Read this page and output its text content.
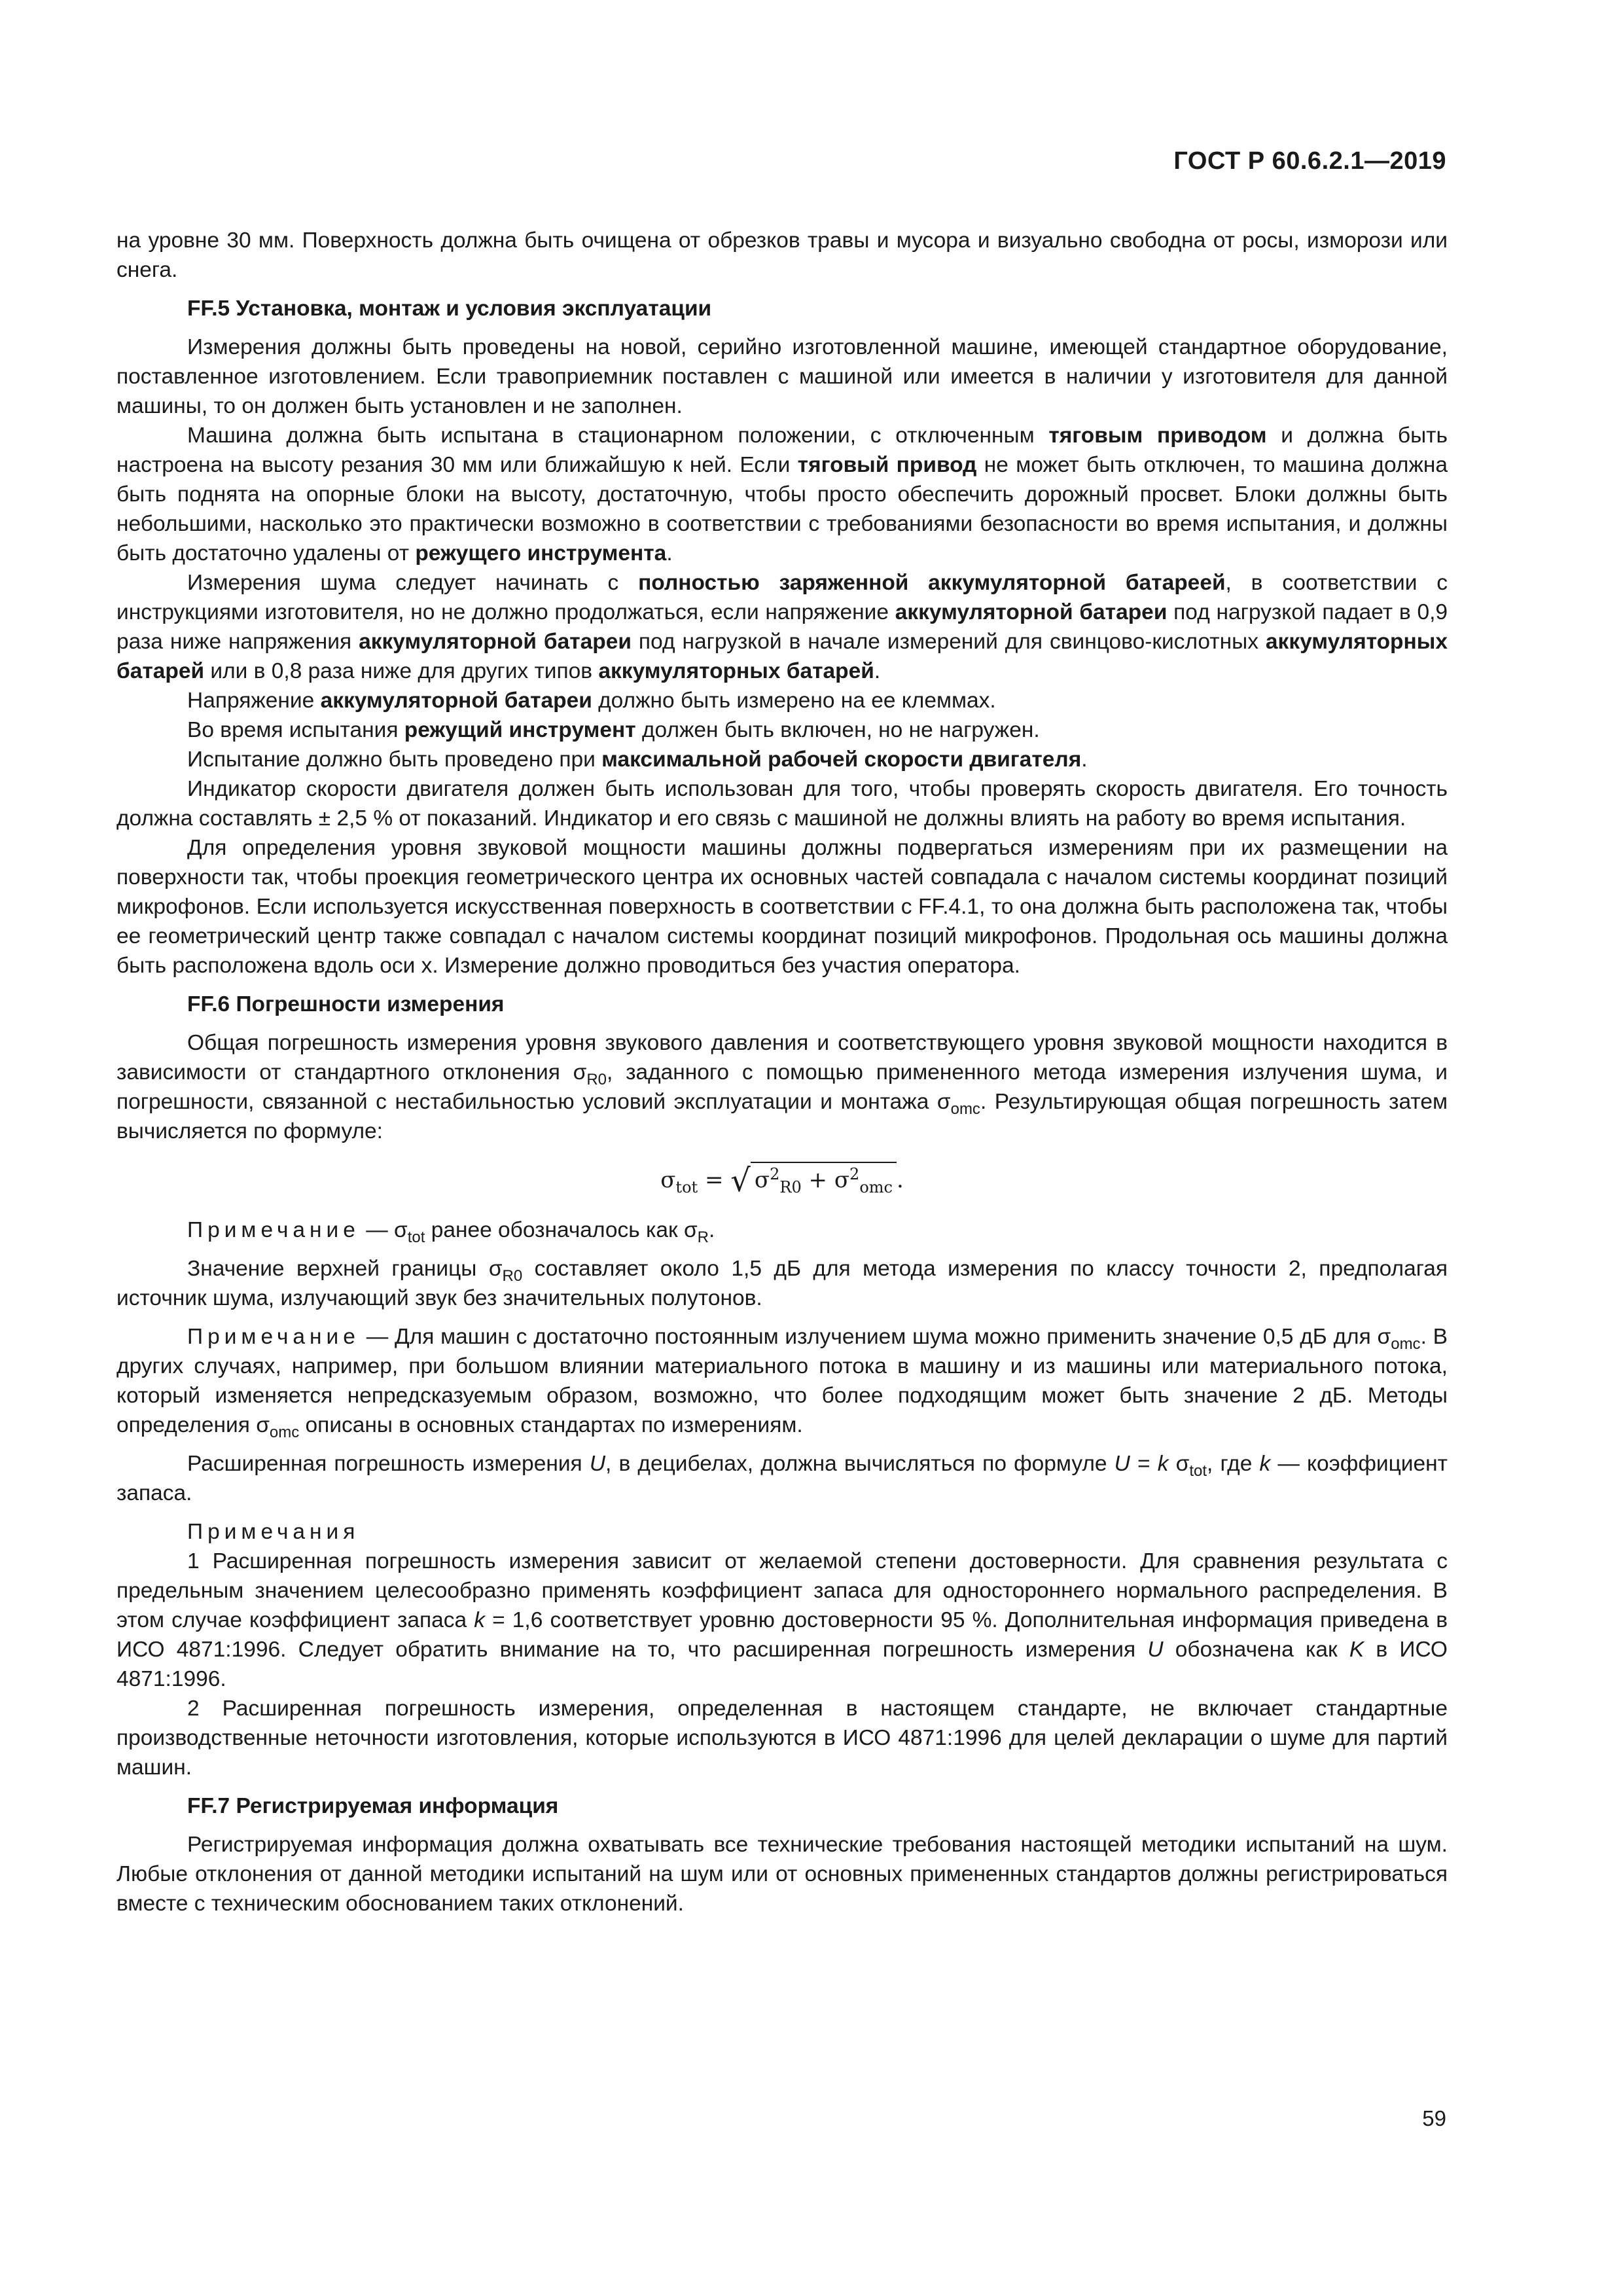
ГОСТ Р 60.6.2.1—2019

на уровне 30 мм. Поверхность должна быть очищена от обрезков травы и мусора и визуально свободна от росы, изморози или снега.

FF.5 Установка, монтаж и условия эксплуатации

Измерения должны быть проведены на новой, серийно изготовленной машине, имеющей стандартное оборудование, поставленное изготовлением. Если травоприемник поставлен с машиной или имеется в наличии у изготовителя для данной машины, то он должен быть установлен и не заполнен.

Машина должна быть испытана в стационарном положении, с отключенным тяговым приводом и должна быть настроена на высоту резания 30 мм или ближайшую к ней. Если тяговый привод не может быть отключен, то машина должна быть поднята на опорные блоки на высоту, достаточную, чтобы просто обеспечить дорожный просвет. Блоки должны быть небольшими, насколько это практически возможно в соответствии с требованиями безопасности во время испытания, и должны быть достаточно удалены от режущего инструмента.

Измерения шума следует начинать с полностью заряженной аккумуляторной батареей, в соответствии с инструкциями изготовителя, но не должно продолжаться, если напряжение аккумуляторной батареи под нагрузкой падает в 0,9 раза ниже напряжения аккумуляторной батареи под нагрузкой в начале измерений для свинцово-кислотных аккумуляторных батарей или в 0,8 раза ниже для других типов аккумуляторных батарей.

Напряжение аккумуляторной батареи должно быть измерено на ее клеммах.

Во время испытания режущий инструмент должен быть включен, но не нагружен.

Испытание должно быть проведено при максимальной рабочей скорости двигателя.

Индикатор скорости двигателя должен быть использован для того, чтобы проверять скорость двигателя. Его точность должна составлять ± 2,5 % от показаний. Индикатор и его связь с машиной не должны влиять на работу во время испытания.

Для определения уровня звуковой мощности машины должны подвергаться измерениям при их размещении на поверхности так, чтобы проекция геометрического центра их основных частей совпадала с началом системы координат позиций микрофонов. Если используется искусственная поверхность в соответствии с FF.4.1, то она должна быть расположена так, чтобы ее геометрический центр также совпадал с началом системы координат позиций микрофонов. Продольная ось машины должна быть расположена вдоль оси x. Измерение должно проводиться без участия оператора.

FF.6 Погрешности измерения

Общая погрешность измерения уровня звукового давления и соответствующего уровня звуковой мощности находится в зависимости от стандартного отклонения $\sigma_{R0}$, заданного с помощью примененного метода измерения излучения шума, и погрешности, связанной с нестабильностью условий эксплуатации и монтажа $\sigma_{omc}$. Результирующая общая погрешность затем вычисляется по формуле:

$\sigma_{tot}$ = √ $\sigma^2_{R0} + \sigma^2_{omc}$ .

Примечание — $\sigma_{tot}$ ранее обозначалось как $\sigma_R$.

Значение верхней границы $\sigma_{R0}$ составляет около 1,5 дБ для метода измерения по классу точности 2, предполагая источник шума, излучающий звук без значительных полутонов.

Примечание — Для машин с достаточно постоянным излучением шума можно применить значение 0,5 дБ для $\sigma_{omc}$. В других случаях, например, при большом влиянии материального потока в машину и из машины или материального потока, который изменяется непредсказуемым образом, возможно, что более подходящим может быть значение 2 дБ. Методы определения $\sigma_{omc}$ описаны в основных стандартах по измерениям.

Расширенная погрешность измерения U, в децибелах, должна вычисляться по формуле U = k $\sigma_{tot}$, где k — коэффициент запаса.

Примечания

1 Расширенная погрешность измерения зависит от желаемой степени достоверности. Для сравнения результата с предельным значением целесообразно применять коэффициент запаса для одностороннего нормального распределения. В этом случае коэффициент запаса k = 1,6 соответствует уровню достоверности 95 %. Дополнительная информация приведена в ИСО 4871:1996. Следует обратить внимание на то, что расширенная погрешность измерения U обозначена как K в ИСО 4871:1996.

2 Расширенная погрешность измерения, определенная в настоящем стандарте, не включает стандартные производственные неточности изготовления, которые используются в ИСО 4871:1996 для целей декларации о шуме для партий машин.

FF.7 Регистрируемая информация

Регистрируемая информация должна охватывать все технические требования настоящей методики испытаний на шум. Любые отклонения от данной методики испытаний на шум или от основных примененных стандартов должны регистрироваться вместе с техническим обоснованием таких отклонений.

59
